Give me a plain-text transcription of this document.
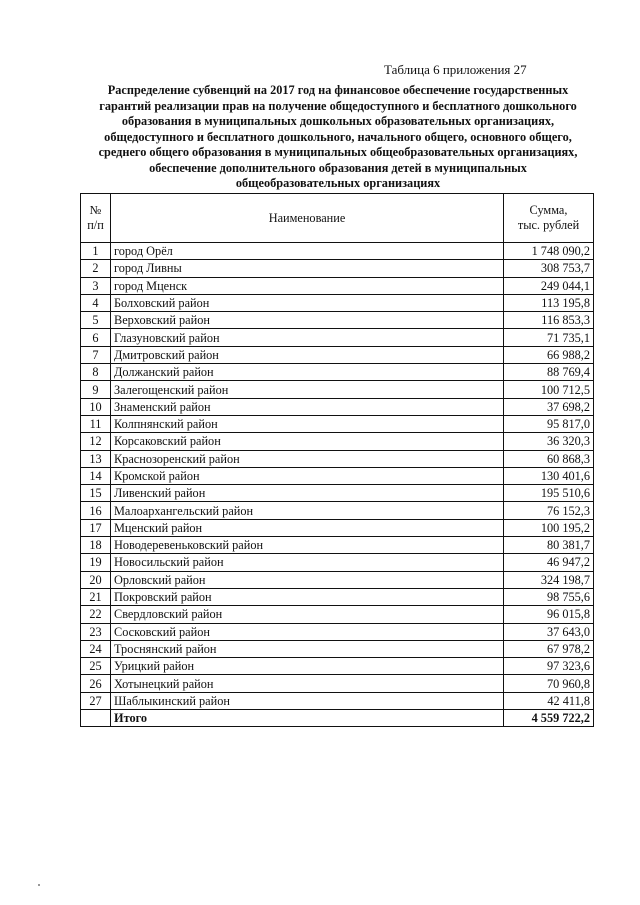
Таблица 6 приложения 27
Распределение субвенций на 2017 год на финансовое обеспечение государственных
гарантий реализации прав на получение общедоступного и бесплатного дошкольного
образования в муниципальных дошкольных образовательных организациях,
общедоступного и бесплатного дошкольного, начального общего, основного общего,
среднего общего образования в муниципальных общеобразовательных организациях,
обеспечение дополнительного образования детей в муниципальных
общеобразовательных организациях
№
п/п	Наименование	Сумма,
тыс. рублей
1	город Орёл	1 748 090,2
2	город Ливны	308 753,7
3	город Мценск	249 044,1
4	Болховский район	113 195,8
5	Верховский район	116 853,3
6	Глазуновский район	71 735,1
7	Дмитровский район	66 988,2
8	Должанский район	88 769,4
9	Залегощенский район	100 712,5
10	Знаменский район	37 698,2
11	Колпнянский район	95 817,0
12	Корсаковский район	36 320,3
13	Краснозоренский район	60 868,3
14	Кромской район	130 401,6
15	Ливенский район	195 510,6
16	Малоархангельский район	76 152,3
17	Мценский район	100 195,2
18	Новодеревеньковский район	80 381,7
19	Новосильский район	46 947,2
20	Орловский район	324 198,7
21	Покровский район	98 755,6
22	Свердловский район	96 015,8
23	Сосковский район	37 643,0
24	Троснянский район	67 978,2
25	Урицкий район	97 323,6
26	Хотынецкий район	70 960,8
27	Шаблыкинский район	42 411,8
	Итого	4 559 722,2
